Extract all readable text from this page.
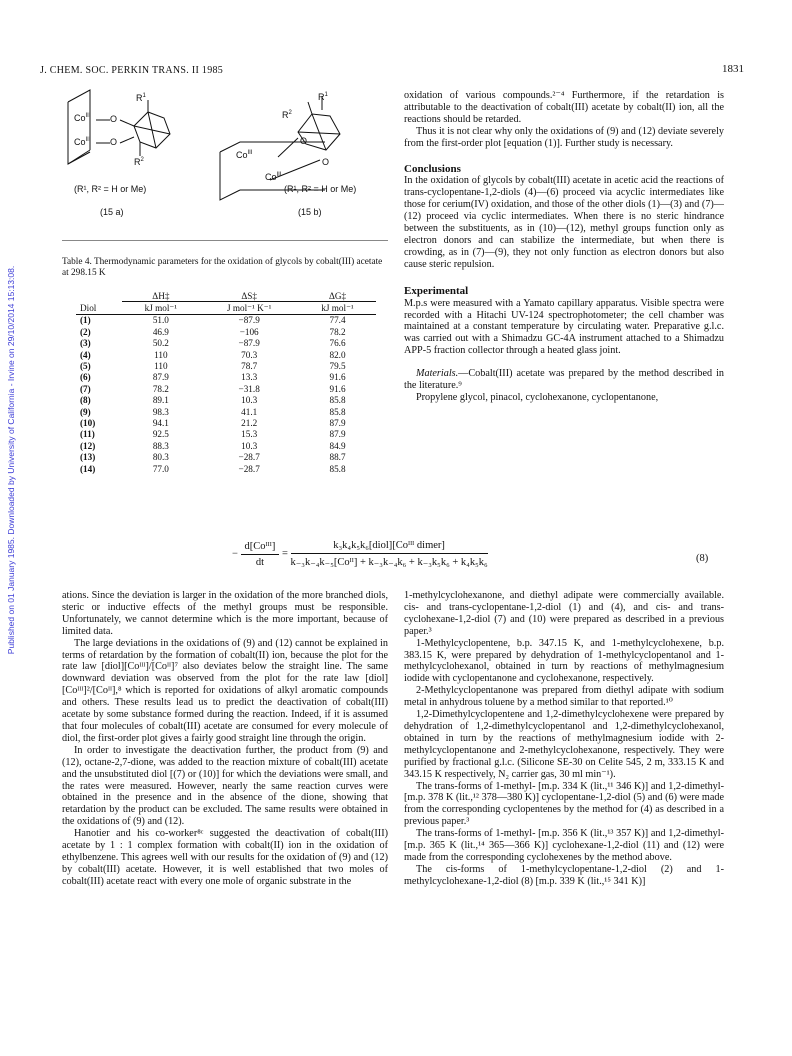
Published on 01 January 1985. Downloaded by University of California - Irvine on 29/10/2014 15:13:08.
J. CHEM. SOC. PERKIN TRANS. II 1985	1831
$Co^{III}$
$Co^{III}$
O
O
$R^1$
$R^2$	$Co^{III}$
$Co^{III}$
O
O
$R^2$
$R^1$
(R¹, R² = H or Me)
(15 a)
(R¹, R² = H or Me)
(15 b)
Table 4. Thermodynamic parameters for the oxidation of glycols by cobalt(III) acetate at 298.15 K
	ΔH‡	ΔS‡	ΔG‡
Diol	kJ mol⁻¹	J mol⁻¹ K⁻¹	kJ mol⁻¹
(1)	51.0	−87.9	77.4
(2)	46.9	−106	78.2
(3)	50.2	−87.9	76.6
(4)	110	70.3	82.0
(5)	110	78.7	79.5
(6)	87.9	13.3	91.6
(7)	78.2	−31.8	91.6
(8)	89.1	10.3	85.8
(9)	98.3	41.1	85.8
(10)	94.1	21.2	87.9
(11)	92.5	15.3	87.9
(12)	88.3	10.3	84.9
(13)	80.3	−28.7	88.7
(14)	77.0	−28.7	85.8

oxidation of various compounds.²⁻⁴ Furthermore, if the retardation is attributable to the deactivation of cobalt(III) acetate by cobalt(II) ion, all the reactions should be retarded.

Thus it is not clear why only the oxidations of (9) and (12) deviate severely from the first-order plot [equation (1)]. Further study is necessary.

Conclusions

In the oxidation of glycols by cobalt(III) acetate in acetic acid the reactions of trans-cyclopentane-1,2-diols (4)—(6) proceed via acyclic intermediates like those for cerium(IV) oxidation, and those of the other diols (1)—(3) and (7)—(12) proceed via cyclic intermediates. When there is no steric hindrance between the substituents, as in (10)—(12), methyl groups function only as electron donors and can stabilize the intermediate, but when there is crowding, as in (7)—(9), they not only function as electron donors but also cause steric repulsion.

Experimental

M.p.s were measured with a Yamato capillary apparatus. Visible spectra were recorded with a Hitachi UV-124 spectrophotometer; the cell chamber was maintained at a constant temperature by circulating water. Preparative g.l.c. was carried out with a Shimadzu GC-4A instrument attached to a Shimadzu APP-5 fraction collector through a heated glass joint.

Materials.—Cobalt(III) acetate was prepared by the method described in the literature.⁹

Propylene glycol, pinacol, cyclohexanone, cyclopentanone,

− $\frac{\text{d[Coᴵᴵᴵ]}}{dt} = \frac{\text{k₃k₄k₅k₆[diol][Coᴵᴵᴵ dimer]}}{\text{k₋₃k₋₄k₋₅[Coᴵᴵ] + k₋₃k₋₄k₆ + k₋₃k₅k₆ + k₄k₅k₆}}$	(8)

ations. Since the deviation is larger in the oxidation of the more branched diols, steric or inductive effects of the methyl groups must be responsible. Unfortunately, we cannot determine which is the more important, because of limited data.

The large deviations in the oxidations of (9) and (12) cannot be explained in terms of retardation by the formation of cobalt(II) ion, because the plot for the rate law [diol][Coᴵᴵᴵ]/[Coᴵᴵ]⁷ also deviates below the straight line. The same downward deviation was observed from the plot for the rate law [diol][Coᴵᴵᴵ]²/[Coᴵᴵ],⁸ which is reported for oxidations of alkyl aromatic compounds and others. These results lead us to predict the deactivation of cobalt(III) acetate by some substance formed during the reaction. Indeed, if it is assumed that four molecules of cobalt(III) acetate are consumed for every molecule of diol, the first-order plot gives a fairly good straight line through the origin.

In order to investigate the deactivation further, the product from (9) and (12), octane-2,7-dione, was added to the reaction mixture of cobalt(III) acetate and the unsubstituted diol [(7) or (10)] for which the deviations were small, and the rates were measured. However, nearly the same reaction curves were obtained in the presence and in the absence of the dione, showing that retardation by the product can be excluded. The same results were obtained in the oxidations of (9) and (12).

Hanotier and his co-worker⁸ᶜ suggested the deactivation of cobalt(III) acetate by 1 : 1 complex formation with cobalt(II) ion in the oxidation of ethylbenzene. This agrees well with our results for the oxidation of (9) and (12) by cobalt(III) acetate. However, it is well established that two moles of cobalt(III) acetate react with every one mole of organic substrate in the

1-methylcyclohexanone, and diethyl adipate were commercially available. cis- and trans-cyclopentane-1,2-diol (1) and (4), and cis- and trans-cyclohexane-1,2-diol (7) and (10) were prepared as described in a previous paper.³

1-Methylcyclopentene, b.p. 347.15 K, and 1-methylcyclohexene, b.p. 383.15 K, were prepared by dehydration of 1-methylcyclopentanol and 1-methylcyclohexanol, obtained in turn by reactions of methylmagnesium iodide with cyclopentanone and cyclohexanone, respectively.

2-Methylcyclopentanone was prepared from diethyl adipate with sodium metal in anhydrous toluene by a method similar to that reported.¹⁰

1,2-Dimethylcyclopentene and 1,2-dimethylcyclohexene were prepared by dehydration of 1,2-dimethylcyclopentanol and 1,2-dimethylcyclohexanol, obtained in turn by the reactions of methylmagnesium iodide with 2-methylcyclopentanone and 2-methylcyclohexanone, respectively. They were purified by fractional g.l.c. (Silicone SE-30 on Celite 545, 2 m, 333.15 K and 343.15 K respectively, N₂ carrier gas, 30 ml min⁻¹).

The trans-forms of 1-methyl- [m.p. 334 K (lit.,¹¹ 346 K)] and 1,2-dimethyl- [m.p. 378 K (lit.,¹² 378—380 K)] cyclopentane-1,2-diol (5) and (6) were made from the corresponding cyclopentenes by the method for (4) as described in a previous paper.³

The trans-forms of 1-methyl- [m.p. 356 K (lit.,¹³ 357 K)] and 1,2-dimethyl- [m.p. 365 K (lit.,¹⁴ 365—366 K)] cyclohexane-1,2-diol (11) and (12) were made from the corresponding cyclohexenes by the method above.

The cis-forms of 1-methylcyclopentane-1,2-diol (2) and 1-methylcyclohexane-1,2-diol (8) [m.p. 339 K (lit.,¹⁵ 341 K)]
